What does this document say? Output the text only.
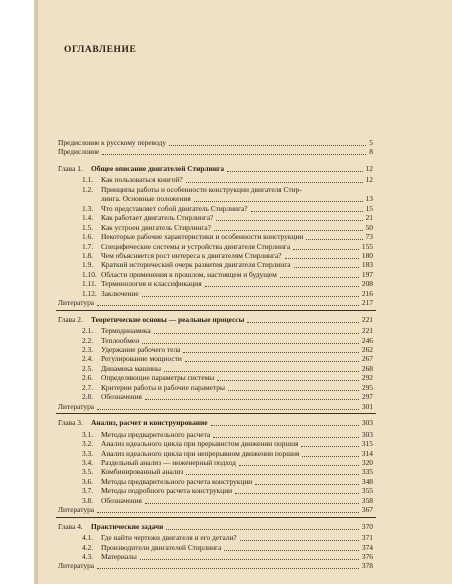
ОГЛАВЛЕНИЕ
Предисловие к русскому переводу	5
Предисловие	8
Глава 1. Общее описание двигателей Стирлинга	12
1.1. Как пользоваться книгой?	12
1.2. Принципы работы и особенности конструкции двигателя Стир-
линга. Основные положения	13
1.3. Что представляет собой двигатель Стирлинга?	15
1.4. Как работает двигатель Стирлинга?	21
1.5. Как устроен двигатель Стирлинга?	50
1.6. Некоторые рабочие характеристики и особенности конструкции	73
1.7. Специфические системы и устройства двигателя Стирлинга	155
1.8. Чем объясняется рост интереса к двигателям Стирлинга?	180
1.9. Краткий исторический очерк развития двигателя Стирлинга	183
1.10. Области применения в прошлом, настоящем и будущем	197
1.11. Терминология и классификация	208
1.12. Заключение	216
Литература	217
Глава 2. Теоретические основы — реальные процессы	221
2.1. Термодинамика	221
2.2. Теплообмен	246
2.3. Удержание рабочего тела	262
2.4. Регулирование мощности	267
2.5. Динамика машины	268
2.6. Определяющие параметры системы	292
2.7. Критерии работы и рабочие параметры	295
2.8. Обозначения	297
Литература	301
Глава 3. Анализ, расчет и конструирование	303
3.1. Методы предварительного расчета	303
3.2. Анализ идеального цикла при прерывистом движении поршня	315
3.3. Анализ идеального цикла при непрерывном движении поршня	314
3.4. Раздельный анализ — инженерный подход	320
3.5. Комбинированный анализ	335
3.6. Методы предварительного расчета конструкции	348
3.7. Методы подробного расчета конструкции	355
3.8. Обозначения	358
Литература	367
Глава 4. Практические задачи	370
4.1. Где найти чертежи двигателя и его детали?	371
4.2. Производители двигателей Стирлинга	374
4.3. Материалы	376
Литература	378
